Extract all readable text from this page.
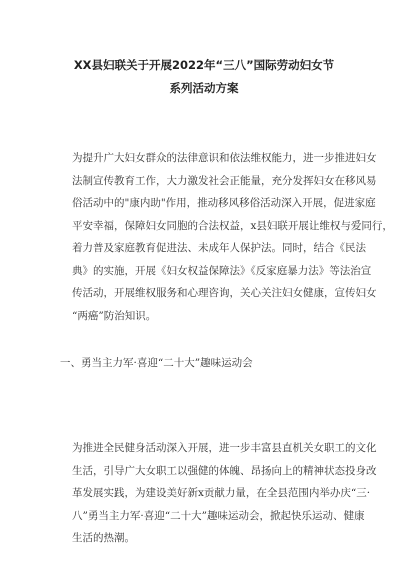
XX县妇联关于开展2022年“三八”国际劳动妇女节
系列活动方案

为提升广大妇女群众的法律意识和依法维权能力，进一步推进妇女
法制宣传教育工作，大力激发社会正能量，充分发挥妇女在移风易
俗活动中的"康内助"作用，推动移风移俗活动深入开展，促进家庭
平安幸福，保障妇女同胞的合法权益，x县妇联开展让维权与爱同行，
着力普及家庭教育促进法、未成年人保护法。同时，结合《民法
典》的实施，开展《妇女权益保障法》《反家庭暴力法》等法治宣
传活动，开展维权服务和心理咨询，关心关注妇女健康，宣传妇女
“两癌”防治知识。

一、勇当主力军·喜迎“二十大”趣味运动会

为推进全民健身活动深入开展，进一步丰富县直机关女职工的文化
生活，引导广大女职工以强健的体魄、昂扬向上的精神状态投身改
革发展实践，为建设美好新x贡献力量，在全县范围内举办庆“三·
八”勇当主力军·喜迎“二十大”趣味运动会，掀起快乐运动、健康
生活的热潮。
